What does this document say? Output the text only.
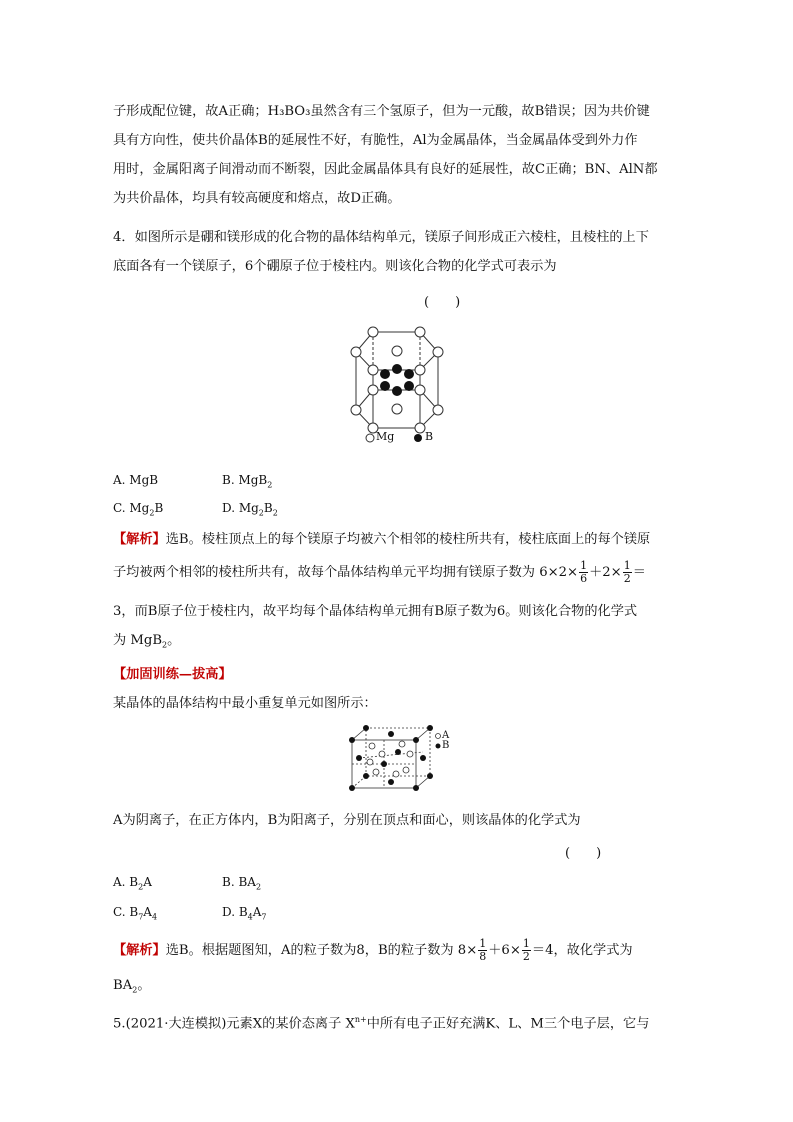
子形成配位键，故A正确；H₃BO₃虽然含有三个氢原子，但为一元酸，故B错误；因为共价键
具有方向性，使共价晶体B的延展性不好，有脆性，Al为金属晶体，当金属晶体受到外力作
用时，金属阳离子间滑动而不断裂，因此金属晶体具有良好的延展性，故C正确；BN、AlN都
为共价晶体，均具有较高硬度和熔点，故D正确。
4．如图所示是硼和镁形成的化合物的晶体结构单元，镁原子间形成正六棱柱，且棱柱的上下
底面各有一个镁原子，6个硼原子位于棱柱内。则该化合物的化学式可表示为
(　　)
Mg	B
A. MgB	B. MgB$_2$
C. $Mg_2B$	D. $Mg_2B_2$
【解析】选B。棱柱顶点上的每个镁原子均被六个相邻的棱柱所共有，棱柱底面上的每个镁原
子均被两个相邻的棱柱所共有，故每个晶体结构单元平均拥有镁原子数为 $6\times 2\times \frac{1}{6} +2\times \frac{1}{2}$ ＝
3，而B原子位于棱柱内，故平均每个晶体结构单元拥有B原子数为6。则该化合物的化学式
为 MgB$_2$。
【加固训练—拔高】
某晶体的晶体结构中最小重复单元如图所示：
A
B
A为阴离子，在正方体内，B为阳离子，分别在顶点和面心，则该晶体的化学式为
(　　)
A. $B_2A$	B. $BA_2$
C. $B_7A_4$	D. $B_4A_7$
【解析】选B。根据题图知，A的粒子数为8，B的粒子数为 $8\times \frac{1}{8} +6\times \frac{1}{2} =4$，故化学式为
$BA_2$。
5.(2021·大连模拟)元素X的某价态离子 $X^{n+}$中所有电子正好充满K、L、M三个电子层，它与
